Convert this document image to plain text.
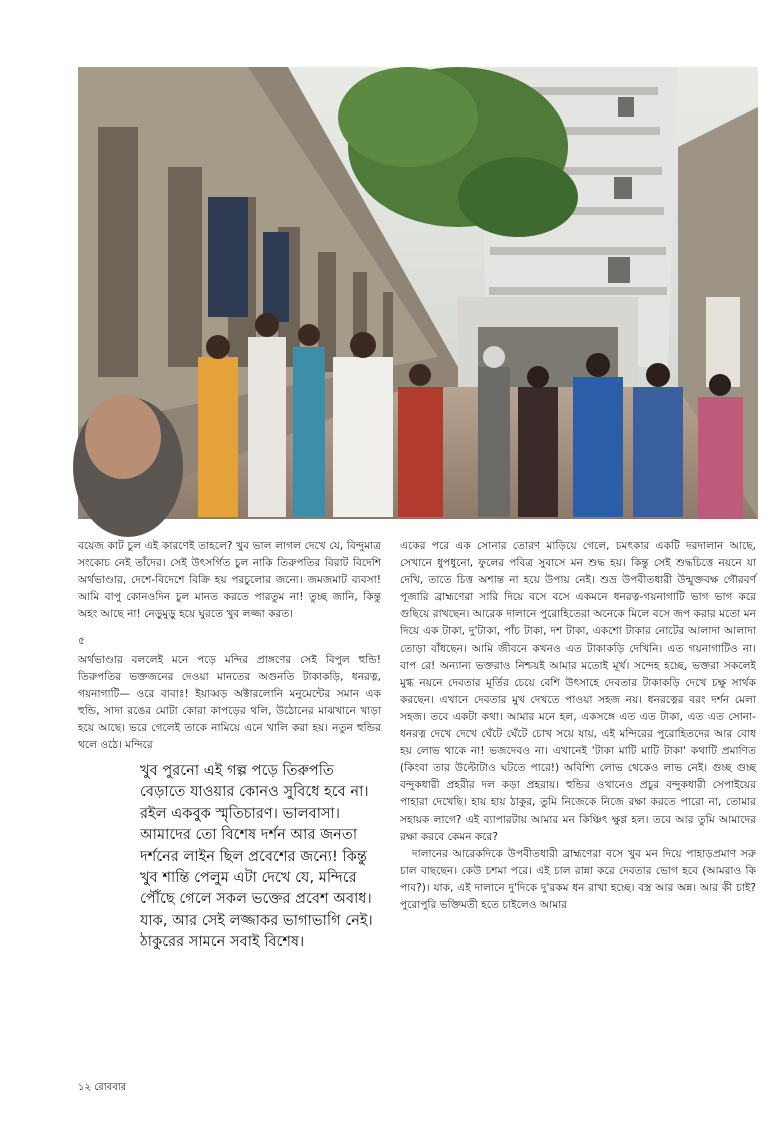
বয়েজ কাট চুল এই কারণেই তাহলে? খুব ভাল লাগল দেখে যে, বিন্দুমাত্র সংকোচ নেই তাঁদের। সেই উৎসর্গিত চুল নাকি তিরুপতির বিরাট বিদেশি অর্থভাণ্ডার, দেশে-বিদেশে বিক্রি হয় পরচুলোর জন্যে। জমজমাট ব্যবসা! আমি বাপু কোনওদিন চুল মানত করতে পারতুম না! তুচ্ছ জানি, কিন্তু অহং আছে না! নেড়ুমুড়ু হয়ে ঘুরতে খুব লজ্জা করত।

৫

অর্থভাণ্ডার বললেই মনে পড়ে মন্দির প্রাঙ্গণের সেই বিপুল হুন্ডি! তিরুপতির ভক্তজনের দেওয়া মানতের অগুনতি টাকাকড়ি, ধনরত্ন, গয়নাগাটি— ওরে বাবাঃ! ইয়াব্বড় অক্টারলোনি মনুমেন্টের সমান এক হুন্ডি, সাদা রঙের মোটা কোরা কাপড়ের থলি, উঠোনের মাঝখানে খাড়া হয়ে আছে। ভরে গেলেই তাকে নামিয়ে এনে খালি করা হয়। নতুন হুন্ডির থলে ওঠে। মন্দিরে

খুব পুরনো এই গল্প পড়ে তিরুপতি বেড়াতে যাওয়ার কোনও সুবিধে হবে না। রইল একবুক স্মৃতিচারণ। ভালবাসা। আমাদের তো বিশেষ দর্শন আর জনতা দর্শনের লাইন ছিল প্রবেশের জন্যে! কিন্তু খুব শান্তি পেলুম এটা দেখে যে, মন্দিরে পৌঁছে গেলে সকল ভক্তের প্রবেশ অবাধ। যাক, আর সেই লজ্জাকর ভাগাভাগি নেই। ঠাকুরের সামনে সবাই বিশেষ।

একের পরে এক সোনার তোরণ মাড়িয়ে গেলে, চমৎকার একটি দরদালান আছে, সেখানে ধুপধুনো, ফুলের পবিত্র সুবাসে মন শুদ্ধ হয়। কিন্তু সেই শুদ্ধচিত্তে নয়নে যা দেখি, তাতে চিত্ত অশান্ত না হয়ে উপায় নেই। শুভ্র উপবীতধারী উন্মুক্তবক্ষ গৌরবর্ণ পূজারি ব্রাহ্মণেরা সারি দিয়ে বসে বসে একমনে ধনরত্ন-গয়নাগাটি ভাগ ভাগ করে গুছিয়ে রাখছেন। আরেক দালানে পুরোহিতেরা অনেকে মিলে বসে জপ করার মতো মন দিয়ে এক টাকা, দু'টাকা, পাঁচ টাকা, দশ টাকা, একশো টাকার নোটের আলাদা আলাদা তোড়া বাঁধছেন। আমি জীবনে কখনও এত টাকাকড়ি দেখিনি। এত গয়নাগাটিও না। বাপ রে! অন্যান্য ভক্তরাও নিশ্চয়ই আমার মতোই মূর্খ। সন্দেহ হচ্ছে, ভক্তরা সকলেই মুগ্ধ নয়নে দেবতার মূর্তির চেয়ে বেশি উৎসাহে দেবতার টাকাকড়ি দেখে চক্ষু সার্থক করছেন। এখানে দেবতার মুখ দেখতে পাওয়া সহজ নয়। ধনরত্নের বরং দর্শন মেলা সহজ। তবে একটা কথা। আমার মনে হল, একসঙ্গে এত এত টাকা, এত এত সোনা-ধনরত্ন দেখে দেখে ঘেঁটে ঘেঁটে চোখ সয়ে যায়, এই মন্দিরের পুরোহিতদের আর বোধ হয় লোভ থাকে না! ভজদেবও না। এখানেই 'টাকা মাটি মাটি টাকা' কথাটি প্রমাণিত (কিংবা তার উল্টোটাও ঘটতে পারে!) অবিশ্যি লোভ থেকেও লাভ নেই। গুচ্ছ গুচ্ছ বন্দুকধারী প্রহরীর দল কড়া প্রহরায়। হুন্ডির ওখানেও প্রচুর বন্দুকধারী সেপাইয়ের পাহারা দেখেছি। হায় হায় ঠাকুর, তুমি নিজেকে নিজে রক্ষা করতে পারো না, তোমার সহায়ক লাগে? এই ব্যাপারটায় আমার মন কিঞ্চিৎ ক্ষুণ্ণ হল। তবে আর তুমি আমাদের রক্ষা করবে কেমন করে?

দালানের আরেকদিকে উপবীতধারী ব্রাহ্মণেরা বসে খুব মন দিয়ে পাহাড়প্রমাণ সরু চাল বাছছেন। কেউ চশমা পরে। এই চাল রান্না করে দেবতার ভোগ হবে (আমরাও কি পাব?)। যাক, এই দালানে দু'দিকে দু'রকম ধন রাখা হচ্ছে। বস্ত্র আর অন্ন। আর কী চাই? পুরোপুরি ভক্তিমতী হতে চাইলেও আমার

১২ রোববার
